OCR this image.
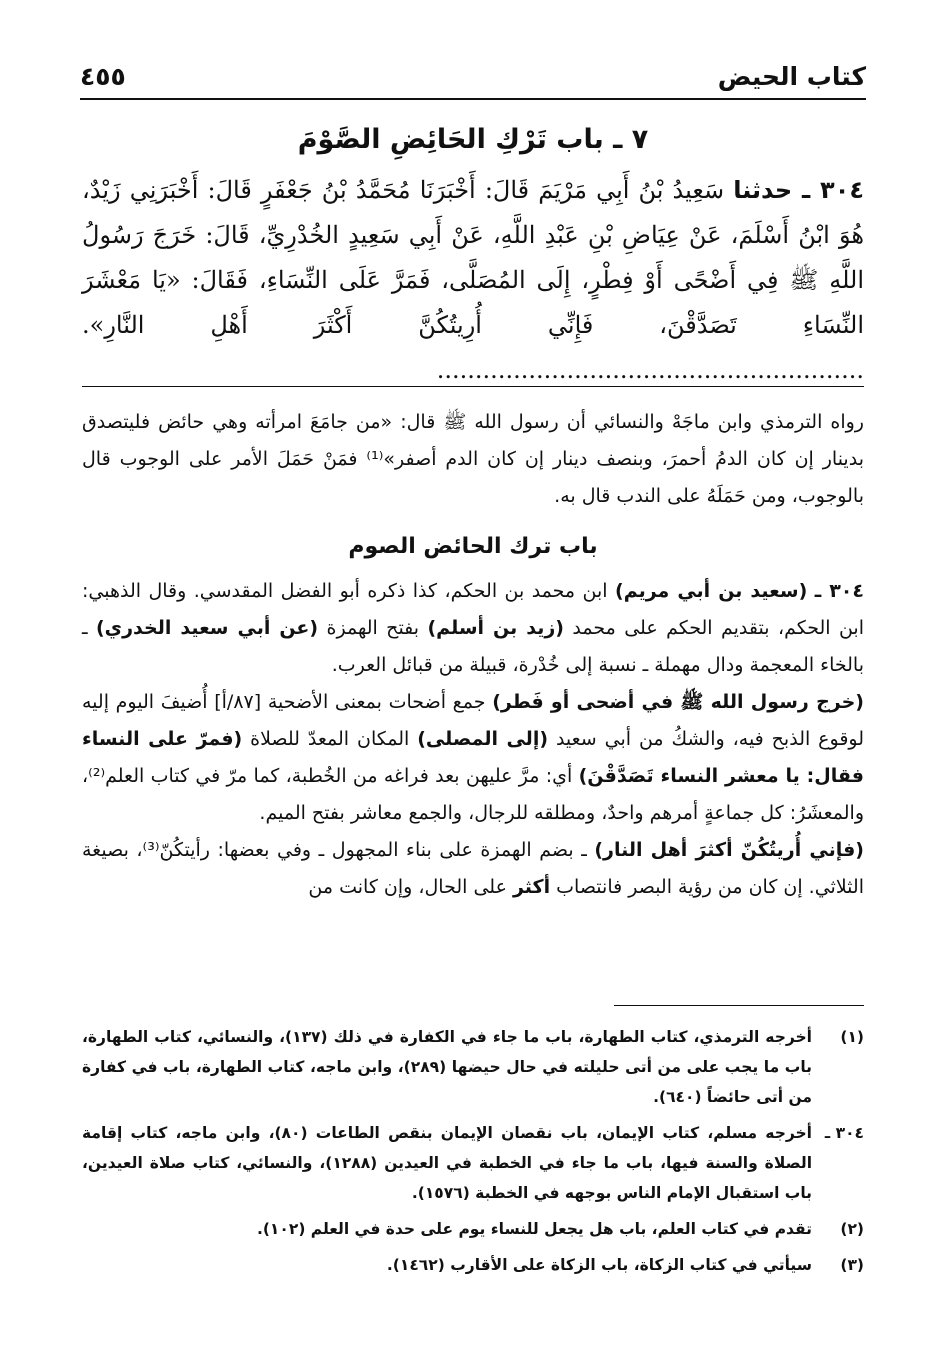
كتاب الحيض
٤٥٥
٧ ـ باب تَرْكِ الحَائِضِ الصَّوْمَ

٣٠٤ ـ حدثنا سَعِيدُ بْنُ أَبِي مَرْيَمَ قَالَ: أَخْبَرَنَا مُحَمَّدُ بْنُ جَعْفَرٍ قَالَ: أَخْبَرَنِي زَيْدٌ، هُوَ ابْنُ أَسْلَمَ، عَنْ عِيَاضِ بْنِ عَبْدِ اللَّهِ، عَنْ أَبِي سَعِيدٍ الخُدْرِيِّ، قَالَ: خَرَجَ رَسُولُ اللَّهِ ﷺ فِي أَضْحًى أَوْ فِطْرٍ، إِلَى المُصَلَّى، فَمَرَّ عَلَى النِّسَاءِ، فَقَالَ: «يَا مَعْشَرَ النِّسَاءِ تَصَدَّقْنَ، فَإِنِّي أُرِيتُكُنَّ أَكْثَرَ أَهْلِ النَّارِ». ........................................................

رواه الترمذي وابن ماجَهْ والنسائي أن رسول الله ﷺ قال: «من جامَعَ امرأته وهي حائض فليتصدق بدينار إن كان الدمُ أحمرَ، وبنصف دينار إن كان الدم أصفر»⁽¹⁾ فمَنْ حَمَلَ الأمر على الوجوب قال بالوجوب، ومن حَمَلَهُ على الندب قال به.

باب ترك الحائض الصوم

٣٠٤ ـ (سعيد بن أبي مريم) ابن محمد بن الحكم، كذا ذكره أبو الفضل المقدسي. وقال الذهبي: ابن الحكم، بتقديم الحكم على محمد (زيد بن أسلم) بفتح الهمزة (عن أبي سعيد الخدري) ـ بالخاء المعجمة ودال مهملة ـ نسبة إلى خُدْرة، قبيلة من قبائل العرب.

(خرج رسول الله ﷺ في أضحى أو فَطر) جمع أضحات بمعنى الأضحية [٨٧/أ] أُضيفَ اليوم إليه لوقوع الذبح فيه، والشكُ من أبي سعيد (إلى المصلى) المكان المعدّ للصلاة (فمرّ على النساء فقال: يا معشر النساء تَصَدَّقْنَ) أي: مرَّ عليهن بعد فراغه من الخُطبة، كما مرّ في كتاب العلم⁽²⁾، والمعشَرُ: كل جماعةٍ أمرهم واحدٌ، ومطلقه للرجال، والجمع معاشر بفتح الميم.

(فإني أُريتُكُنّ أكثرَ أهل النار) ـ بضم الهمزة على بناء المجهول ـ وفي بعضها: رأيتكُنّ⁽³⁾، بصيغة الثلاثي. إن كان من رؤية البصر فانتصاب أكثر على الحال، وإن كانت من

(١)
أخرجه الترمذي، كتاب الطهارة، باب ما جاء في الكفارة في ذلك (١٣٧)، والنسائي، كتاب الطهارة، باب ما يجب على من أتى حليلته في حال حيضها (٢٨٩)، وابن ماجه، كتاب الطهارة، باب في كفارة من أتى حائضاً (٦٤٠).
٣٠٤ ـ
أخرجه مسلم، كتاب الإيمان، باب نقصان الإيمان بنقص الطاعات (٨٠)، وابن ماجه، كتاب إقامة الصلاة والسنة فيها، باب ما جاء في الخطبة في العيدين (١٢٨٨)، والنسائي، كتاب صلاة العيدين، باب استقبال الإمام الناس بوجهه في الخطبة (١٥٧٦).
(٢)
تقدم في كتاب العلم، باب هل يجعل للنساء يوم على حدة في العلم (١٠٢).
(٣)
سيأتي في كتاب الزكاة، باب الزكاة على الأقارب (١٤٦٢).
